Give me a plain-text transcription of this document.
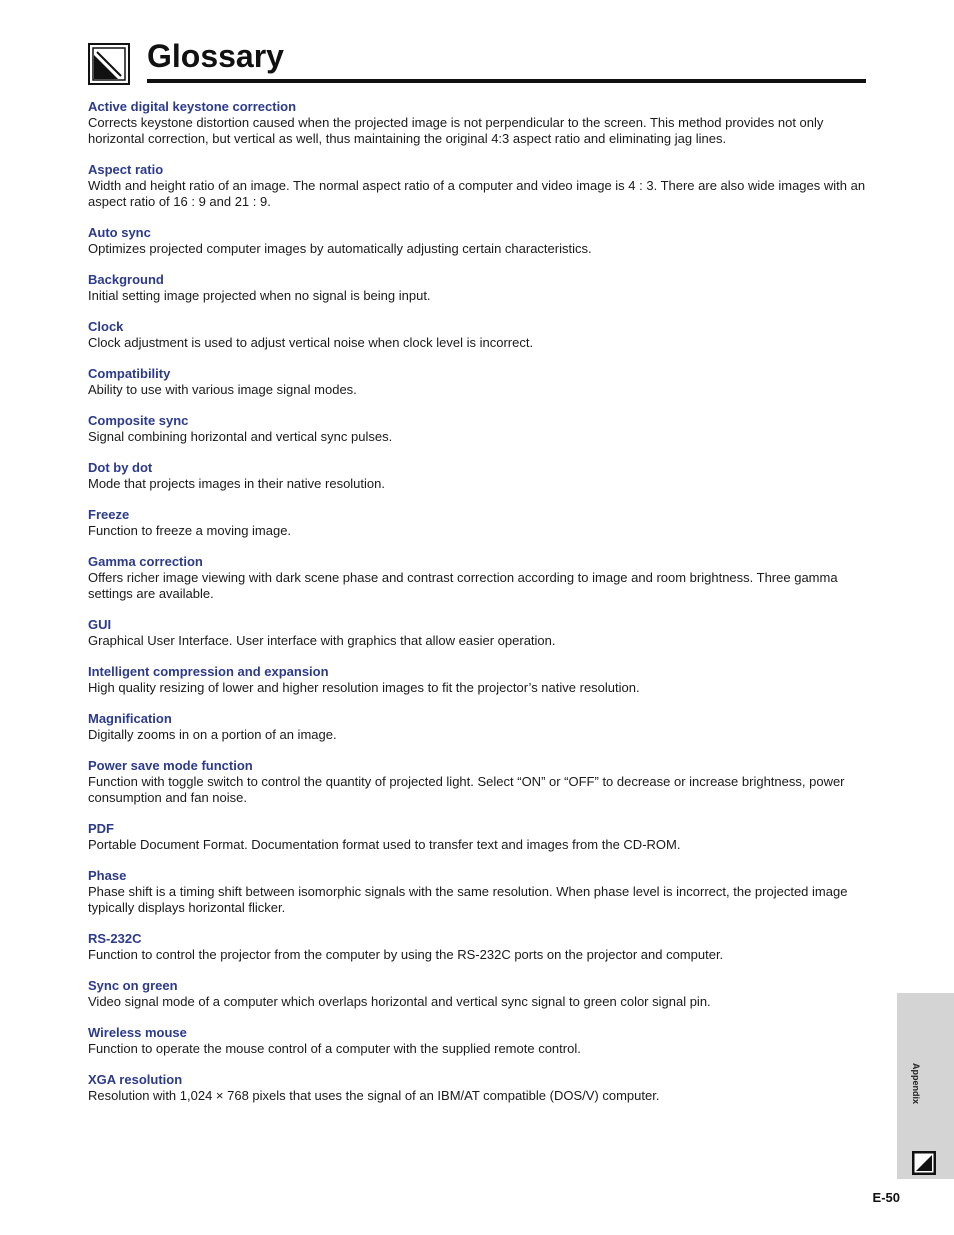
Glossary
Active digital keystone correction
Corrects keystone distortion caused when the projected image is not perpendicular to the screen. This method provides not only horizontal correction, but vertical as well, thus maintaining the original 4:3 aspect ratio and eliminating jag lines.
Aspect ratio
Width and height ratio of an image. The normal aspect ratio of a computer and video image is 4 : 3. There are also wide images with an aspect ratio of 16 : 9 and 21 : 9.
Auto sync
Optimizes projected computer images by automatically adjusting certain characteristics.
Background
Initial setting image projected when no signal is being input.
Clock
Clock adjustment is used to adjust vertical noise when clock level is incorrect.
Compatibility
Ability to use with various image signal modes.
Composite sync
Signal combining horizontal and vertical sync pulses.
Dot by dot
Mode that projects images in their native resolution.
Freeze
Function to freeze a moving image.
Gamma correction
Offers richer image viewing with dark scene phase and contrast correction according to image and room brightness. Three gamma settings are available.
GUI
Graphical User Interface. User interface with graphics that allow easier operation.
Intelligent compression and expansion
High quality resizing of lower and higher resolution images to fit the projector’s native resolution.
Magnification
Digitally zooms in on a portion of an image.
Power save mode function
Function with toggle switch to control the quantity of projected light. Select “ON” or “OFF” to decrease or increase brightness, power consumption and fan noise.
PDF
Portable Document Format. Documentation format used to transfer text and images from the CD-ROM.
Phase
Phase shift is a timing shift between isomorphic signals with the same resolution. When phase level is incorrect, the projected image typically displays horizontal flicker.
RS-232C
Function to control the projector from the computer by using the RS-232C ports on the projector and computer.
Sync on green
Video signal mode of a computer which overlaps horizontal and vertical sync signal to green color signal pin.
Wireless mouse
Function to operate the mouse control of a computer with the supplied remote control.
XGA resolution
Resolution with 1,024 × 768 pixels that uses the signal of an IBM/AT compatible (DOS/V) computer.	Appendix
E-50
